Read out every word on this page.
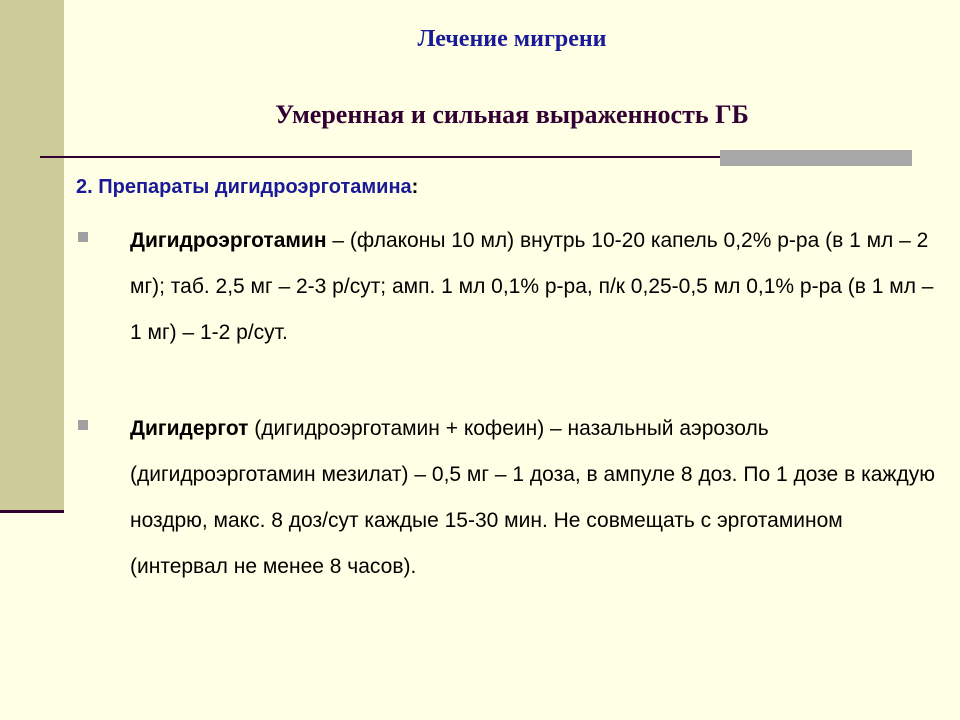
Лечение мигрени
Умеренная и сильная выраженность ГБ

2. Препараты дигидроэрготамина:

Дигидроэрготамин – (флаконы 10 мл) внутрь 10-20 капель 0,2% р-ра (в 1 мл – 2 мг); таб. 2,5 мг – 2-3 р/сут; амп. 1 мл 0,1% р-ра, п/к 0,25-0,5 мл 0,1% р-ра (в 1 мл – 1 мг) – 1-2 р/сут.

Дигидергот (дигидроэрготамин + кофеин) – назальный аэрозоль (дигидроэрготамин мезилат) – 0,5 мг – 1 доза, в ампуле 8 доз. По 1 дозе в каждую ноздрю, макс. 8 доз/сут каждые 15-30 мин. Не совмещать с эрготамином (интервал не менее 8 часов).
